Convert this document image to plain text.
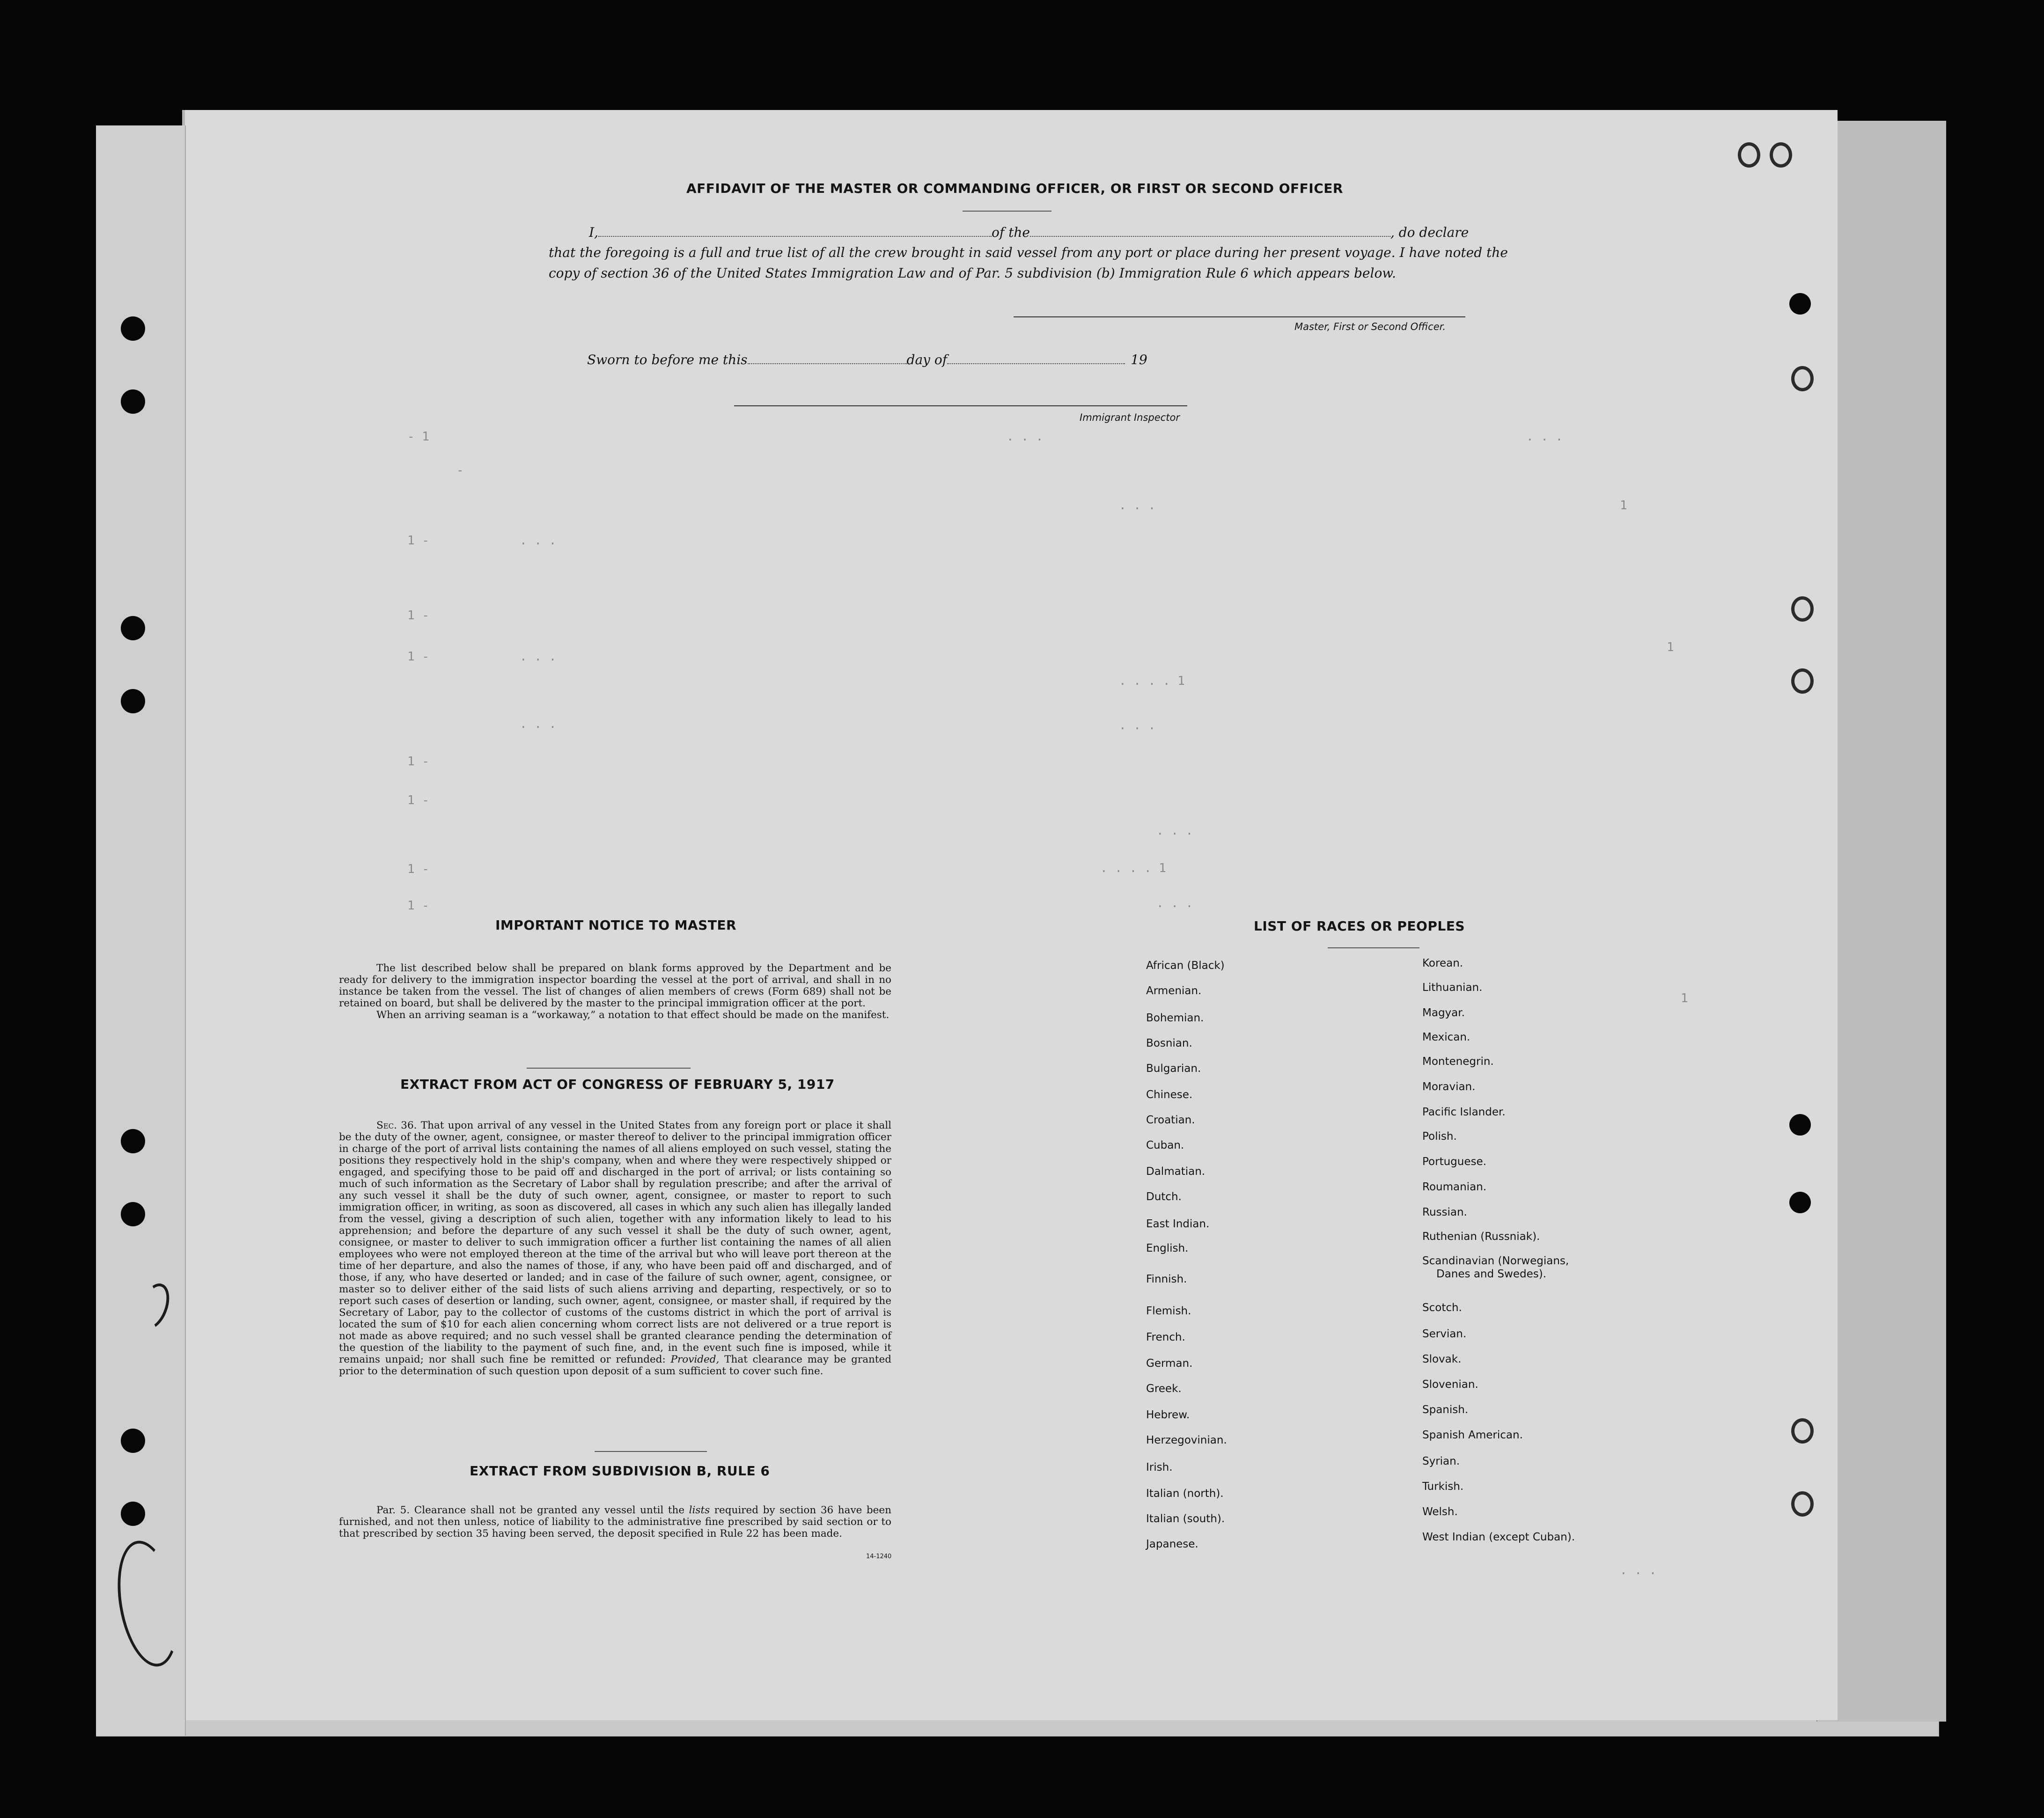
- 1
-
1 -	. . .
1 -
1 -	. . .
. . .
1 -
1 -
1 -
1 -
. . .
. . .
. . . . 1
. . .
. . .
. . . . 1
. . .
. . .
1
1
1
. . .
AFFIDAVIT OF THE MASTER OR COMMANDING OFFICER, OR FIRST OR SECOND OFFICER
I,	of the	, do declare
that the foregoing is a full and true list of all the crew brought in said vessel from any port or place during her present voyage. I have noted the
copy of section 36 of the United States Immigration Law and of Par. 5 subdivision (b) Immigration Rule 6 which appears below.
Master, First or Second Officer.
Sworn to before me this	day of	19
Immigrant Inspector
IMPORTANT NOTICE TO MASTER

The list described below shall be prepared on blank forms approved by the Department and be ready for delivery to the immigration inspector boarding the vessel at the port of arrival, and shall in no instance be taken from the vessel. The list of changes of alien members of crews (Form 689) shall not be retained on board, but shall be delivered by the master to the principal immigration officer at the port.

When an arriving seaman is a “workaway,” a notation to that effect should be made on the manifest.

EXTRACT FROM ACT OF CONGRESS OF FEBRUARY 5, 1917

Sec. 36. That upon arrival of any vessel in the United States from any foreign port or place it shall be the duty of the owner, agent, consignee, or master thereof to deliver to the principal immigration officer in charge of the port of arrival lists containing the names of all aliens employed on such vessel, stating the positions they respectively hold in the ship's company, when and where they were respectively shipped or engaged, and specifying those to be paid off and discharged in the port of arrival; or lists containing so much of such information as the Secretary of Labor shall by regulation prescribe; and after the arrival of any such vessel it shall be the duty of such owner, agent, consignee, or master to report to such immigration officer, in writing, as soon as discovered, all cases in which any such alien has illegally landed from the vessel, giving a description of such alien, together with any information likely to lead to his apprehension; and before the departure of any such vessel it shall be the duty of such owner, agent, consignee, or master to deliver to such immigration officer a further list containing the names of all alien employees who were not employed thereon at the time of the arrival but who will leave port thereon at the time of her departure, and also the names of those, if any, who have been paid off and discharged, and of those, if any, who have deserted or landed; and in case of the failure of such owner, agent, consignee, or master so to deliver either of the said lists of such aliens arriving and departing, respectively, or so to report such cases of desertion or landing, such owner, agent, consignee, or master shall, if required by the Secretary of Labor, pay to the collector of customs of the customs district in which the port of arrival is located the sum of $10 for each alien concerning whom correct lists are not delivered or a true report is not made as above required; and no such vessel shall be granted clearance pending the determination of the question of the liability to the payment of such fine, and, in the event such fine is imposed, while it remains unpaid; nor shall such fine be remitted or refunded: Provided, That clearance may be granted prior to the determination of such question upon deposit of a sum sufficient to cover such fine.

EXTRACT FROM SUBDIVISION B, RULE 6

Par. 5. Clearance shall not be granted any vessel until the lists required by section 36 have been furnished, and not then unless, notice of liability to the administrative fine prescribed by said section or to that prescribed by section 35 having been served, the deposit specified in Rule 22 has been made.

14-1240
LIST OF RACES OR PEOPLES
African (Black)
Armenian.
Bohemian.
Bosnian.
Bulgarian.
Chinese.
Croatian.
Cuban.
Dalmatian.
Dutch.
East Indian.
English.
Finnish.
Flemish.
French.
German.
Greek.
Hebrew.
Herzegovinian.
Irish.
Italian (north).
Italian (south).
Japanese.
Korean.
Lithuanian.
Magyar.
Mexican.
Montenegrin.
Moravian.
Pacific Islander.
Polish.
Portuguese.
Roumanian.
Russian.
Ruthenian (Russniak).
Scandinavian (Norwegians,
Danes and Swedes).
Scotch.
Servian.
Slovak.
Slovenian.
Spanish.
Spanish American.
Syrian.
Turkish.
Welsh.
West Indian (except Cuban).
